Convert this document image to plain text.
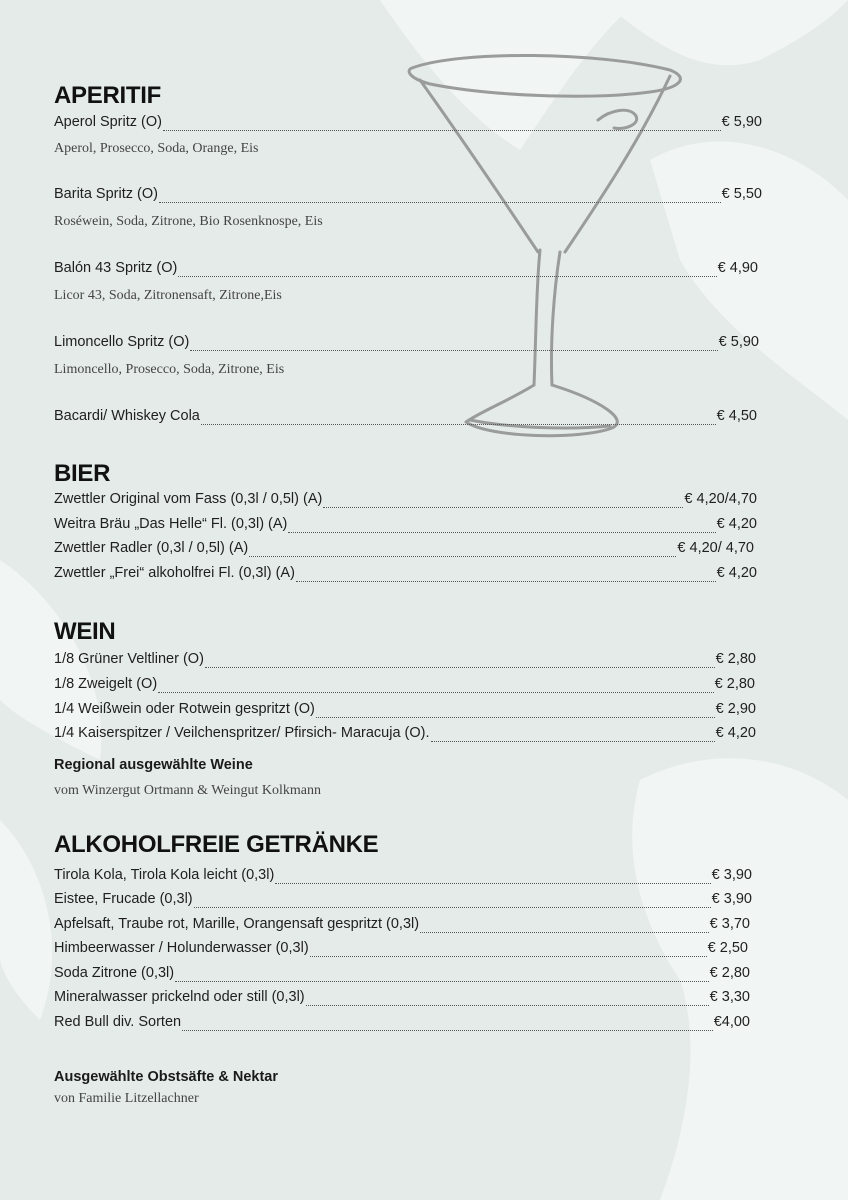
APERITIF
Aperol Spritz (O)	€ 5,90
Aperol, Prosecco, Soda, Orange, Eis
Barita Spritz (O)	€ 5,50
Roséwein, Soda, Zitrone, Bio Rosenknospe, Eis
Balón 43 Spritz (O)	€ 4,90
Licor 43, Soda, Zitronensaft, Zitrone,Eis
Limoncello Spritz (O)	€ 5,90
Limoncello, Prosecco, Soda, Zitrone, Eis
Bacardi/ Whiskey Cola	€ 4,50
BIER
Zwettler Original vom Fass (0,3l / 0,5l) (A)	€ 4,20/4,70
Weitra Bräu „Das Helle“ Fl. (0,3l) (A)	€ 4,20
Zwettler Radler (0,3l / 0,5l) (A)	€ 4,20/ 4,70
Zwettler „Frei“ alkoholfrei Fl. (0,3l) (A)	€ 4,20
WEIN
1/8 Grüner Veltliner (O)	€ 2,80
1/8 Zweigelt (O)	€ 2,80
1/4 Weißwein oder Rotwein gespritzt (O)	€ 2,90
1/4 Kaiserspitzer / Veilchenspritzer/ Pfirsich- Maracuja (O).	€ 4,20
Regional ausgewählte Weine
vom Winzergut Ortmann & Weingut Kolkmann
ALKOHOLFREIE GETRÄNKE
Tirola Kola, Tirola Kola leicht (0,3l)	€ 3,90
Eistee, Frucade (0,3l)	€ 3,90
Apfelsaft, Traube rot, Marille, Orangensaft gespritzt (0,3l)	€ 3,70
Himbeerwasser / Holunderwasser (0,3l)	€ 2,50
Soda Zitrone (0,3l)	€ 2,80
Mineralwasser prickelnd oder still (0,3l)	€ 3,30
Red Bull div. Sorten	€4,00
Ausgewählte Obstsäfte & Nektar
von Familie Litzellachner
